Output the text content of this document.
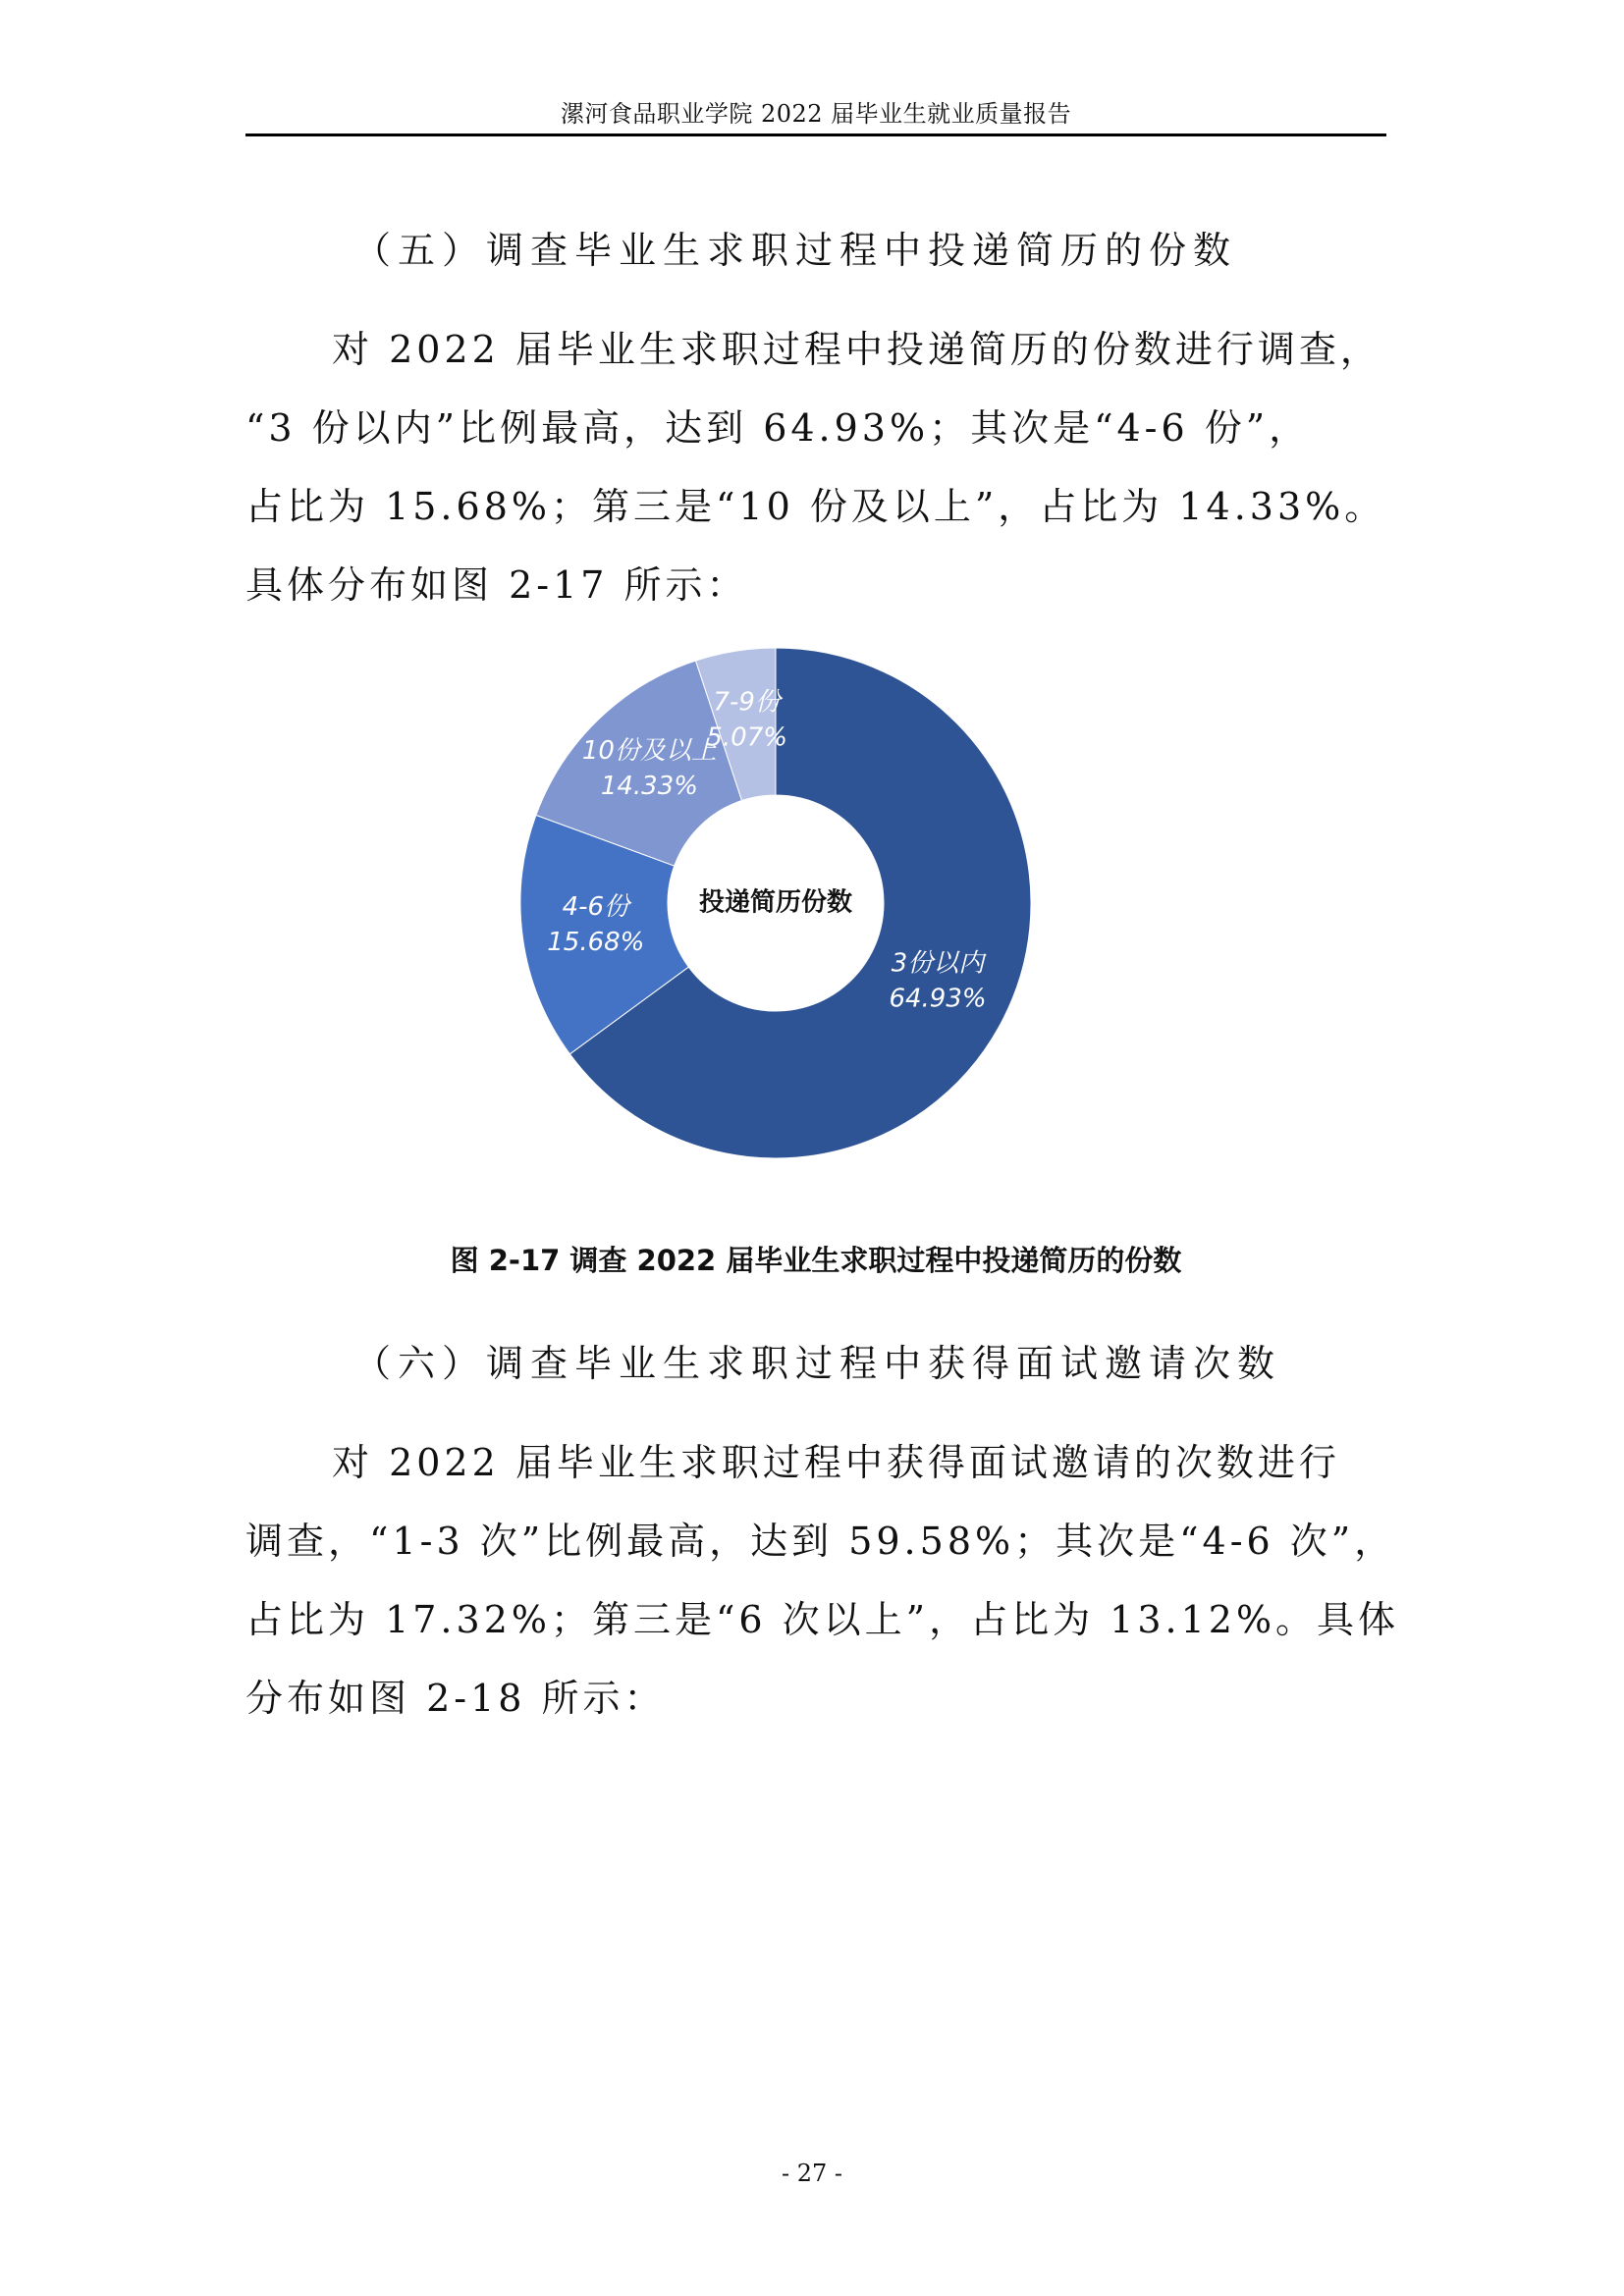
漯河食品职业学院 2022 届毕业生就业质量报告
（五）调查毕业生求职过程中投递简历的份数
对 2022 届毕业生求职过程中投递简历的份数进行调查，
“3 份以内”比例最高，达到 64.93%；其次是“4-6 份”，
占比为 15.68%；第三是“10 份及以上”，占比为 14.33%。
具体分布如图 2-17 所示：
3份以内
64.93%
4-6份
15.68%
10份及以上
14.33%
7-9份
5.07%
投递简历份数
图 2-17 调查 2022 届毕业生求职过程中投递简历的份数
（六）调查毕业生求职过程中获得面试邀请次数
对 2022 届毕业生求职过程中获得面试邀请的次数进行
调查，“1-3 次”比例最高，达到 59.58%；其次是“4-6 次”，
占比为 17.32%；第三是“6 次以上”，占比为 13.12%。具体
分布如图 2-18 所示：
- 27 -
